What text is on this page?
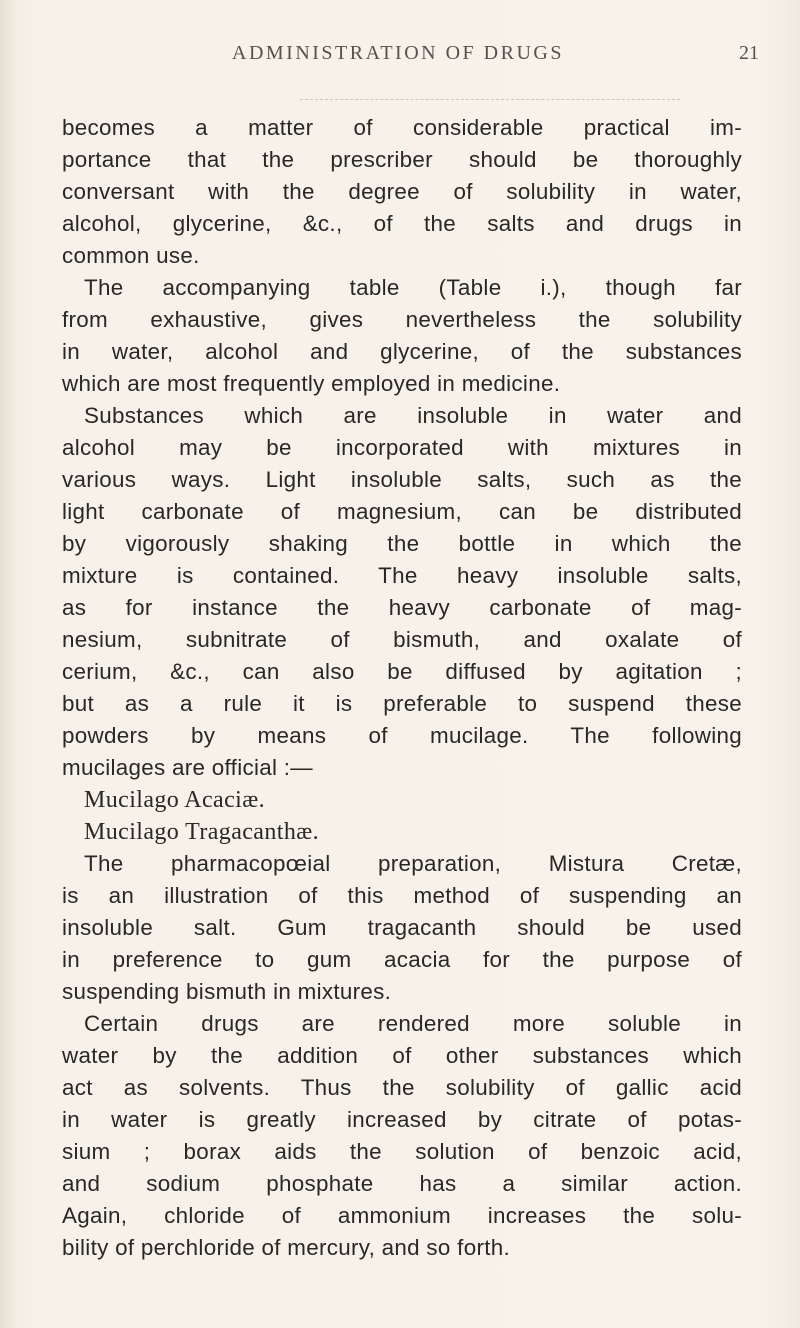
ADMINISTRATION OF DRUGS	21
becomes a matter of considerable practical im-
portance that the prescriber should be thoroughly
conversant with the degree of solubility in water,
alcohol, glycerine, &c., of the salts and drugs in
common use.
The accompanying table (Table i.), though far
from exhaustive, gives nevertheless the solubility
in water, alcohol and glycerine, of the substances
which are most frequently employed in medicine.
Substances which are insoluble in water and
alcohol may be incorporated with mixtures in
various ways. Light insoluble salts, such as the
light carbonate of magnesium, can be distributed
by vigorously shaking the bottle in which the
mixture is contained. The heavy insoluble salts,
as for instance the heavy carbonate of mag-
nesium, subnitrate of bismuth, and oxalate of
cerium, &c., can also be diffused by agitation ;
but as a rule it is preferable to suspend these
powders by means of mucilage. The following
mucilages are official :—
Mucilago Acaciæ.
Mucilago Tragacanthæ.
The pharmacopœial preparation, Mistura Cretæ,
is an illustration of this method of suspending an
insoluble salt. Gum tragacanth should be used
in preference to gum acacia for the purpose of
suspending bismuth in mixtures.
Certain drugs are rendered more soluble in
water by the addition of other substances which
act as solvents. Thus the solubility of gallic acid
in water is greatly increased by citrate of potas-
sium ; borax aids the solution of benzoic acid,
and sodium phosphate has a similar action.
Again, chloride of ammonium increases the solu-
bility of perchloride of mercury, and so forth.
